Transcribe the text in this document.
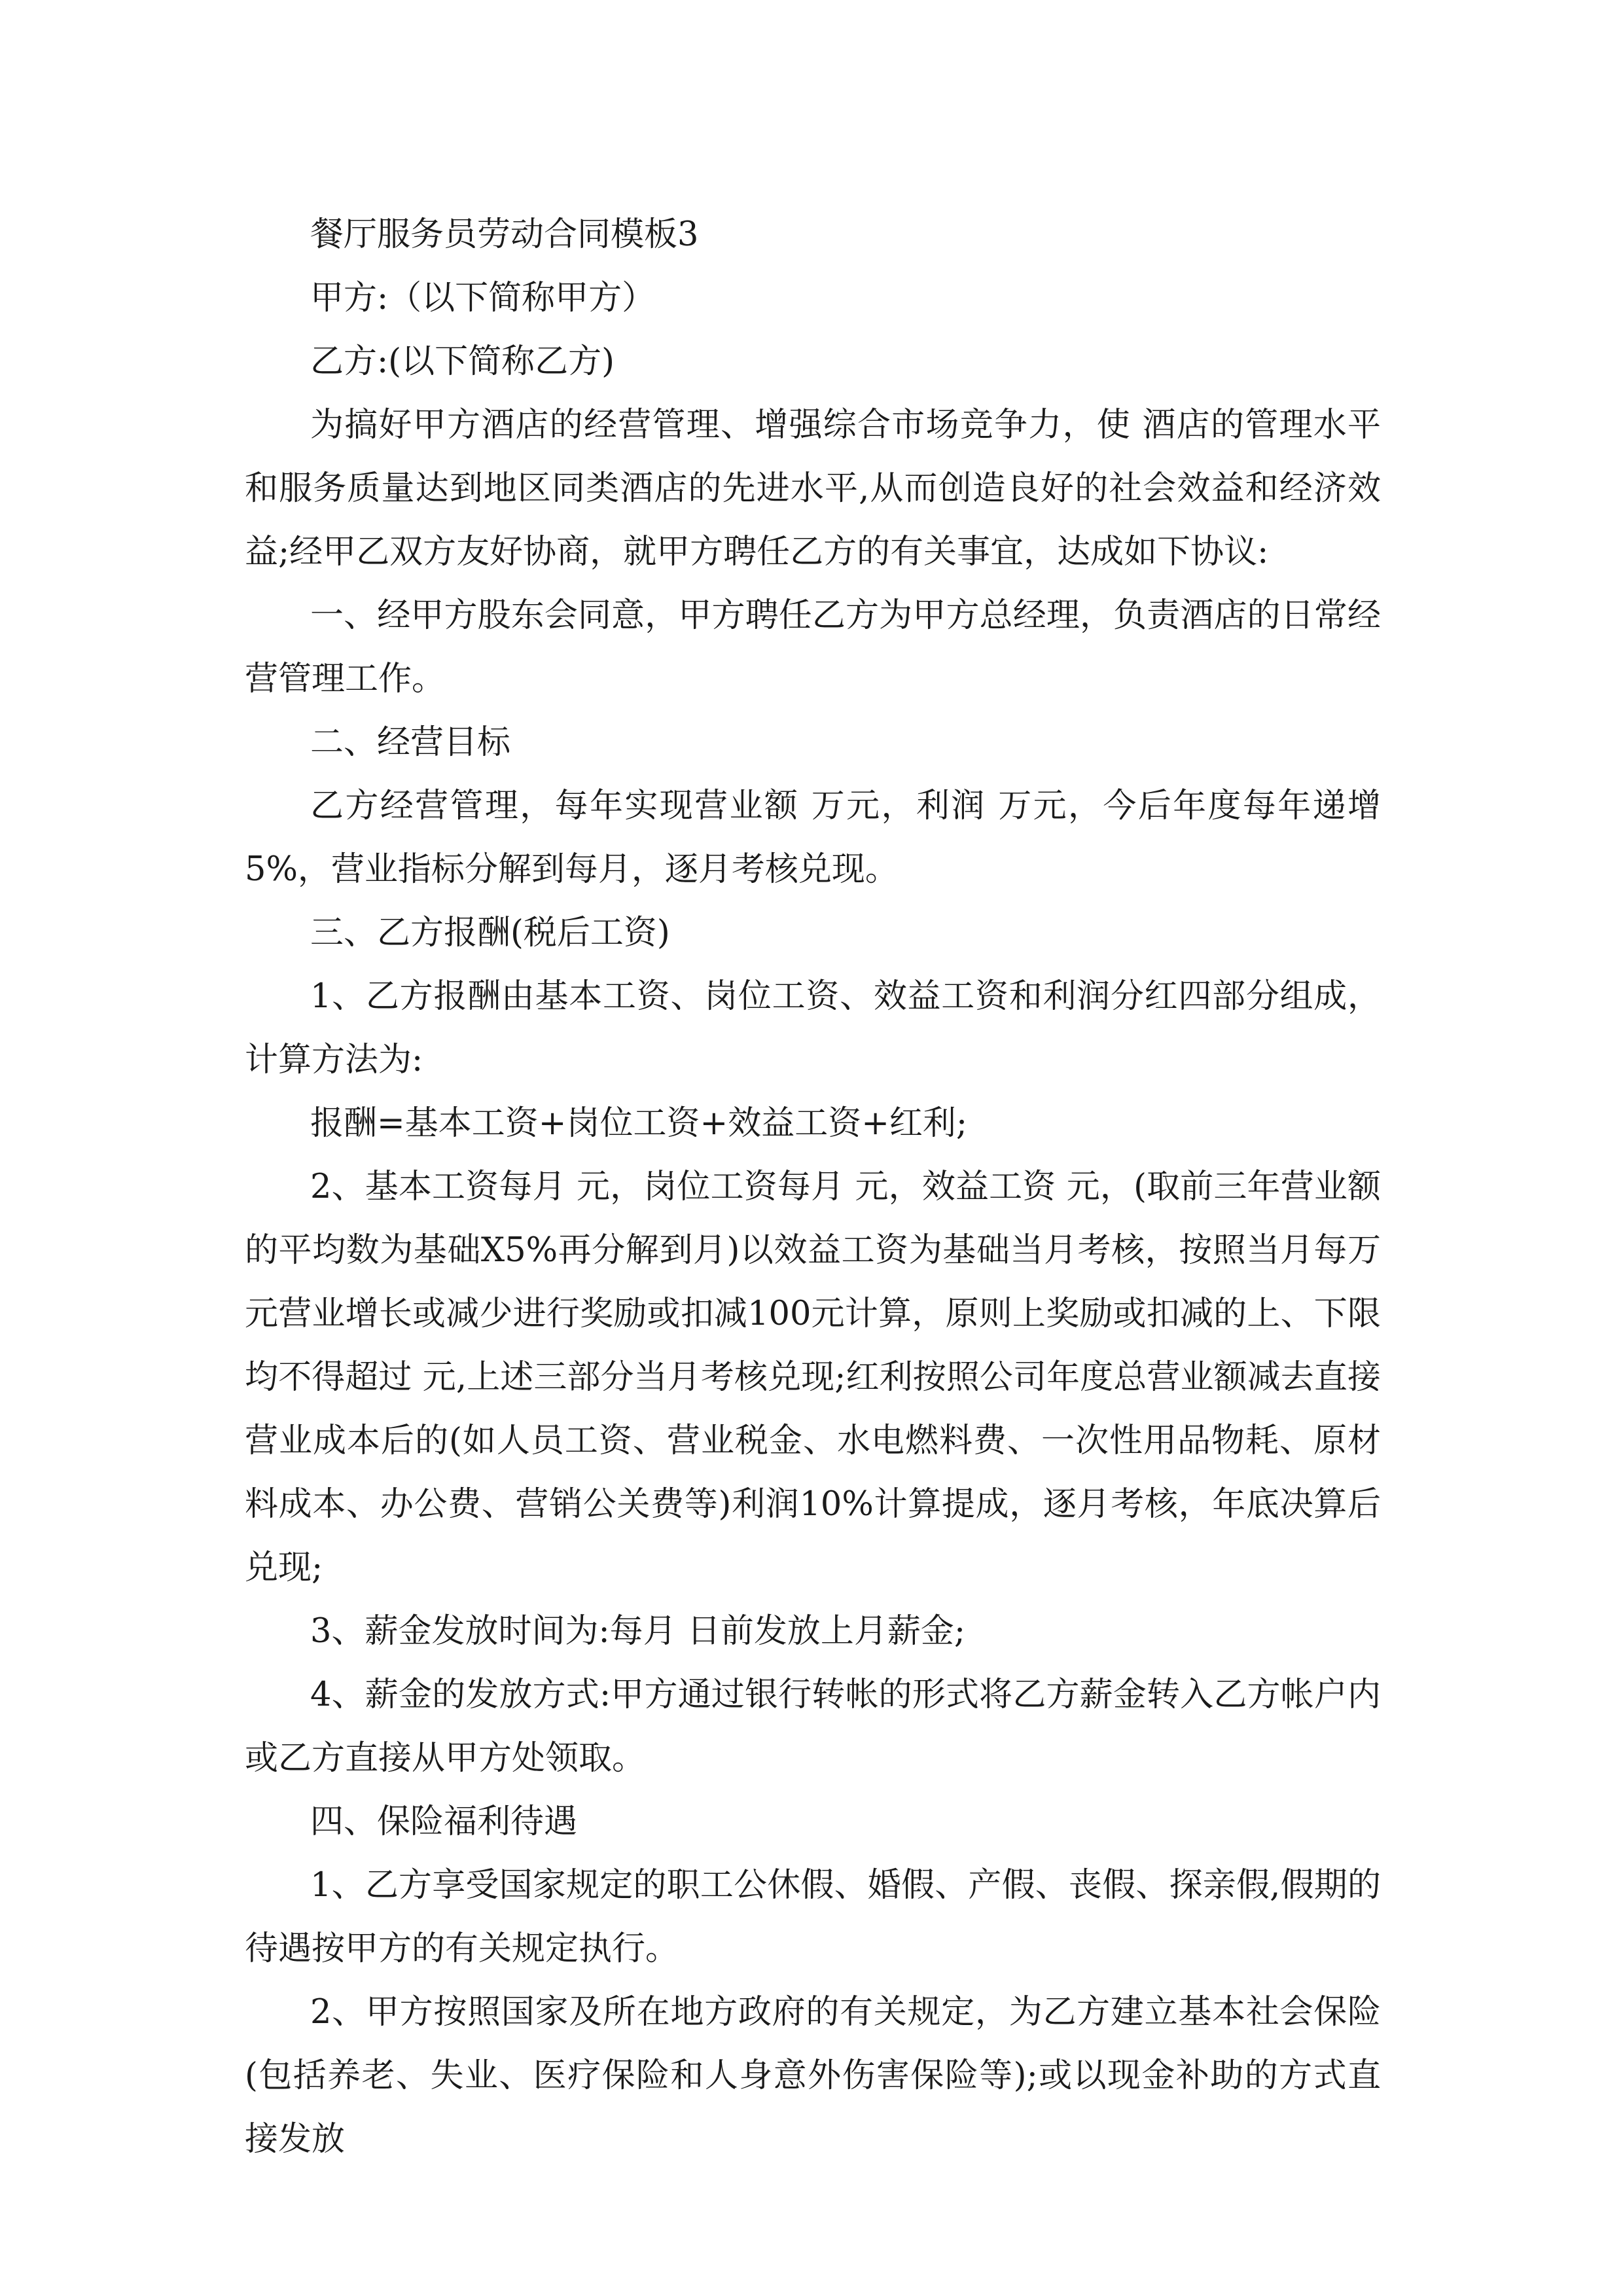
餐厅服务员劳动合同模板3

甲方:（以下简称甲方）

乙方:(以下简称乙方)

为搞好甲方酒店的经营管理、增强综合市场竞争力，使 酒店的管理水平和服务质量达到地区同类酒店的先进水平,从而创造良好的社会效益和经济效益;经甲乙双方友好协商，就甲方聘任乙方的有关事宜，达成如下协议:

一、经甲方股东会同意，甲方聘任乙方为甲方总经理，负责酒店的日常经营管理工作。

二、经营目标

乙方经营管理，每年实现营业额 万元，利润 万元，今后年度每年递增5%，营业指标分解到每月，逐月考核兑现。

三、乙方报酬(税后工资)

1、乙方报酬由基本工资、岗位工资、效益工资和利润分红四部分组成，计算方法为:

报酬=基本工资+岗位工资+效益工资+红利;

2、基本工资每月 元，岗位工资每月 元，效益工资 元，(取前三年营业额的平均数为基础X5%再分解到月)以效益工资为基础当月考核，按照当月每万元营业增长或减少进行奖励或扣减100元计算，原则上奖励或扣减的上、下限均不得超过 元,上述三部分当月考核兑现;红利按照公司年度总营业额减去直接营业成本后的(如人员工资、营业税金、水电燃料费、一次性用品物耗、原材料成本、办公费、营销公关费等)利润10%计算提成，逐月考核，年底决算后兑现;

3、薪金发放时间为:每月 日前发放上月薪金;

4、薪金的发放方式:甲方通过银行转帐的形式将乙方薪金转入乙方帐户内或乙方直接从甲方处领取。

四、保险福利待遇

1、乙方享受国家规定的职工公休假、婚假、产假、丧假、探亲假,假期的待遇按甲方的有关规定执行。

2、甲方按照国家及所在地方政府的有关规定，为乙方建立基本社会保险(包括养老、失业、医疗保险和人身意外伤害保险等);或以现金补助的方式直接发放
